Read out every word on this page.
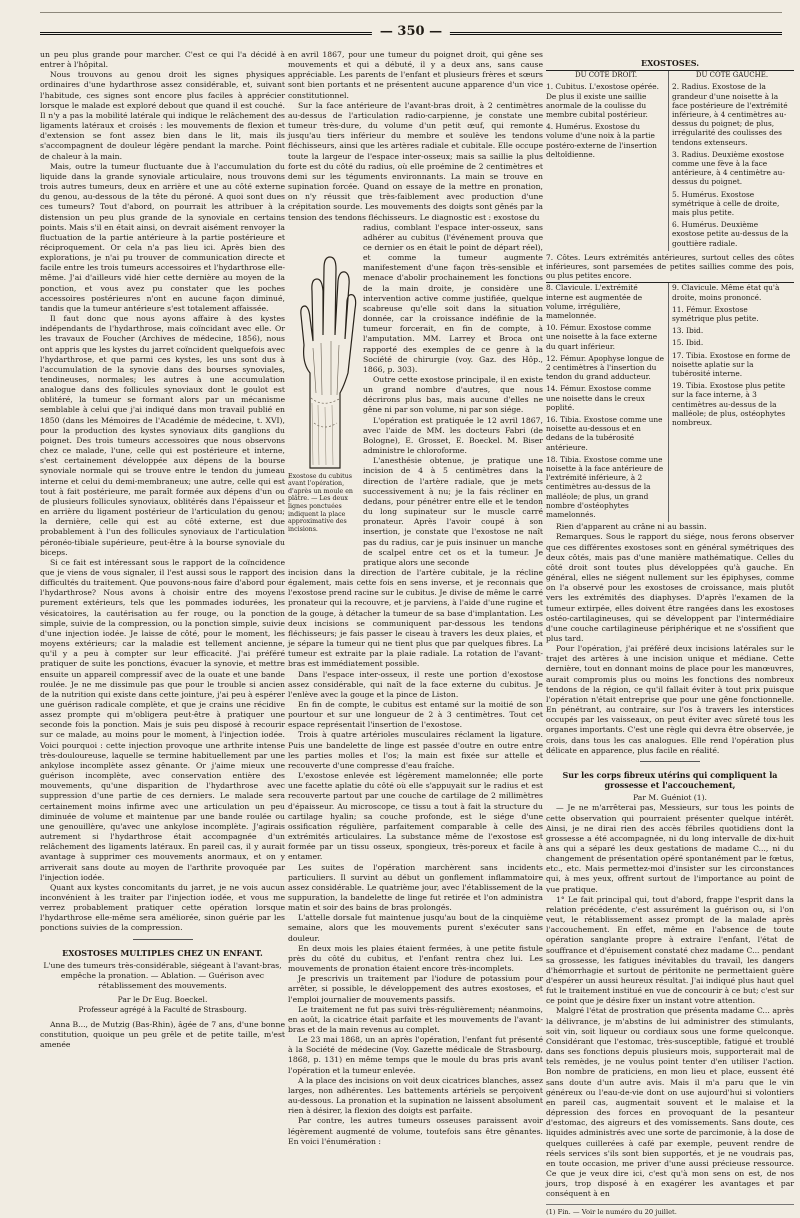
— 350 —

un peu plus grande pour marcher. C'est ce qui l'a décidé à entrer à l'hôpital.

Nous trouvons au genou droit les signes physiques ordinaires d'une hydarthrose assez considérable, et, suivant l'habitude, ces signes sont encore plus faciles à apprécier lorsque le malade est exploré debout que quand il est couché. Il n'y a pas la mobilité latérale qui indique le relâchement des ligaments latéraux et croisés : les mouvements de flexion et d'extension se font assez bien dans le lit, mais ils s'accompagnent de douleur légère pendant la marche. Point de chaleur à la main.

Mais, outre la tumeur fluctuante due à l'accumulation du liquide dans la grande synoviale articulaire, nous trouvons trois autres tumeurs, deux en arrière et une au côté externe du genou, au-dessous de la tête du péroné. A quoi sont dues ces tumeurs? Tout d'abord, on pourrait les attribuer à la distension un peu plus grande de la synoviale en certains points. Mais s'il en était ainsi, on devrait aisément renvoyer la fluctuation de la partie antérieure à la partie postérieure et réciproquement. Or cela n'a pas lieu ici. Après bien des explorations, je n'ai pu trouver de communication directe et facile entre les trois tumeurs accessoires et l'hydarthrose elle-même. J'ai d'ailleurs vidé hier cette dernière au moyen de la ponction, et vous avez pu constater que les poches accessoires postérieures n'ont en aucune façon diminué, tandis que la tumeur antérieure s'est totalement affaissée.

Il faut donc que nous ayons affaire à des kystes indépendants de l'hydarthrose, mais coïncidant avec elle. Or les travaux de Foucher (Archives de médecine, 1856), nous ont appris que les kystes du jarret coïncident quelquefois avec l'hydarthrose, et que parmi ces kystes, les uns sont dus à l'accumulation de la synovie dans des bourses synoviales, tendineuses, normales; les autres à une accumulation analogue dans des follicules synoviaux dont le goulot est oblitéré, la tumeur se formant alors par un mécanisme semblable à celui que j'ai indiqué dans mon travail publié en 1850 (dans les Mémoires de l'Académie de médecine, t. XVI), pour la production des kystes synoviaux dits ganglions du poignet. Des trois tumeurs accessoires que nous observons chez ce malade, l'une, celle qui est postérieure et interne, s'est certainement développée aux dépens de la bourse synoviale normale qui se trouve entre le tendon du jumeau interne et celui du demi-membraneux; une autre, celle qui est tout à fait postérieure, me paraît formée aux dépens d'un ou de plusieurs follicules synoviaux, oblitérés dans l'épaisseur et en arrière du ligament postérieur de l'articulation du genou; la dernière, celle qui est au côté externe, est due probablement à l'un des follicules synoviaux de l'articulation péronéo-tibiale supérieure, peut-être à la bourse synoviale du biceps.

Si ce fait est intéressant sous le rapport de la coïncidence que je viens de vous signaler, il l'est aussi sous le rapport des difficultés du traitement. Que pouvons-nous faire d'abord pour l'hydarthrose? Nous avons à choisir entre des moyens purement extérieurs, tels que les pommades iodurées, les vésicatoires, la cautérisation au fer rouge, ou la ponction simple, suivie de la compression, ou la ponction simple, suivie d'une injection iodée. Je laisse de côté, pour le moment, les moyens extérieurs; car la maladie est tellement ancienne, qu'il y a peu à compter sur leur efficacité. J'ai préféré pratiquer de suite les ponctions, évacuer la synovie, et mettre ensuite un appareil compressif avec de la ouate et une bande roulée. Je ne me dissimule pas que pour le trouble si ancien de la nutrition qui existe dans cette jointure, j'ai peu à espérer une guérison radicale complète, et que je crains une récidive assez prompte qui m'obligera peut-être à pratiquer une seconde fois la ponction. Mais je suis peu disposé à recourir sur ce malade, au moins pour le moment, à l'injection iodée. Voici pourquoi : cette injection provoque une arthrite intense très-douloureuse, laquelle se termine habituellement par une ankylose incomplète assez gênante. Or j'aime mieux une guérison incomplète, avec conservation entière des mouvements, qu'une disparition de l'hydarthrose avec suppression d'une partie de ces derniers. Le malade sera certainement moins infirme avec une articulation un peu diminuée de volume et maintenue par une bande roulée ou une genouillère, qu'avec une ankylose incomplète. J'agirais autrement si l'hydarthrose était accompagnée d'un relâchement des ligaments latéraux. En pareil cas, il y aurait avantage à supprimer ces mouvements anormaux, et on y arriverait sans doute au moyen de l'arthrite provoquée par l'injection iodée.

Quant aux kystes concomitants du jarret, je ne vois aucun inconvénient à les traiter par l'injection iodée, et vous me verrez probablement pratiquer cette opération lorsque l'hydarthrose elle-même sera améliorée, sinon guérie par les ponctions suivies de la compression.

EXOSTOSES MULTIPLES CHEZ UN ENFANT.
L'une des tumeurs très-considérable, siégeant à l'avant-bras, empêche la pronation. — Ablation. — Guérison avec rétablissement des mouvements.
Par le Dr Eug. Boeckel.
Professeur agrégé à la Faculté de Strasbourg.

Anna B..., de Mutzig (Bas-Rhin), âgée de 7 ans, d'une bonne constitution, quoique un peu grêle et de petite taille, m'est amenée

en avril 1867, pour une tumeur du poignet droit, qui gêne ses mouvements et qui a débuté, il y a deux ans, sans cause appréciable. Les parents de l'enfant et plusieurs frères et sœurs sont bien portants et ne présentent aucune apparence d'un vice constitutionnel.

Sur la face antérieure de l'avant-bras droit, à 2 centimètres au-dessus de l'articulation radio-carpienne, je constate une tumeur très-dure, du volume d'un petit œuf, qui remonte jusqu'au tiers inférieur du membre et soulève les tendons fléchisseurs, ainsi que les artères radiale et cubitale. Elle occupe toute la largeur de l'espace inter-osseux; mais sa saillie la plus forte est du côté du radius, où elle proémine de 2 centimètres et demi sur les téguments environnants. La main se trouve en supination forcée. Quand on essaye de la mettre en pronation, on n'y réussit que très-faiblement avec production d'une crépitation sourde. Les mouvements des doigts sont gênés par la tension des tendons fléchisseurs. Le diagnostic est : exostose du

Exostose du cubitus avant l'opération, d'après un moule en plâtre. — Les deux lignes ponctuées indiquent la place approximative des incisions.

radius, comblant l'espace inter-osseux, sans adhérer au cubitus (l'événement prouva que ce dernier os en était le point de départ réel), et comme la tumeur augmente manifestement d'une façon très-sensible et menace d'abolir prochainement les fonctions de la main droite, je considère une intervention active comme justifiée, quelque scabreuse qu'elle soit dans la situation donnée, car la croissance indéfinie de la tumeur forcerait, en fin de compte, à l'amputation. MM. Larrey et Broca ont rapporté des exemples de ce genre à la Société de chirurgie (voy. Gaz. des Hôp., 1866, p. 303).

Outre cette exostose principale, il en existe un grand nombre d'autres, que nous décrirons plus bas, mais aucune d'elles ne gêne ni par son volume, ni par son siége.

L'opération est pratiquée le 12 avril 1867, avec l'aide de MM. les docteurs Fabri (de Bologne), E. Grosset, E. Boeckel. M. Biser administre le chloroforme.

L'anesthésie obtenue, je pratique une incision de 4 à 5 centimètres dans la direction de l'artère radiale, que je mets successivement à nu; je la fais récliner en dedans, pour pénétrer entre elle et le tendon du long supinateur sur le muscle carré pronateur. Après l'avoir coupé à son insertion, je constate que l'exostose ne naît pas du radius, car je puis insinuer un manche de scalpel entre cet os et la tumeur. Je pratique alors une seconde

incision dans la direction de l'artère cubitale, je la récline également, mais cette fois en sens inverse, et je reconnais que l'exostose prend racine sur le cubitus. Je divise de même le carré pronateur qui la recouvre, et je parviens, à l'aide d'une rugine et de la gouge, à détacher la tumeur de sa base d'implantation. Les deux incisions se communiquent par-dessous les tendons fléchisseurs; je fais passer le ciseau à travers les deux plaies, et je sépare la tumeur qui ne tient plus que par quelques fibres. La tumeur est extraite par la plaie radiale. La rotation de l'avant-bras est immédiatement possible.

Dans l'espace inter-osseux, il reste une portion d'exostose assez considérable, qui naît de la face externe du cubitus. Je l'enlève avec la gouge et la pince de Liston.

En fin de compte, le cubitus est entamé sur la moitié de son pourtour et sur une longueur de 2 à 3 centimètres. Tout cet espace représentait l'insertion de l'exostose.

Trois à quatre artérioles musculaires réclament la ligature. Puis une bandelette de linge est passée d'outre en outre entre les parties molles et l'os; la main est fixée sur attelle et recouverte d'une compresse d'eau fraîche.

L'exostose enlevée est légèrement mamelonnée; elle porte une facette aplatie du côté où elle s'appuyait sur le radius et est recouverte partout par une couche de cartilage de 2 millimètres d'épaisseur. Au microscope, ce tissu a tout à fait la structure du cartilage hyalin; sa couche profonde, est le siége d'une ossification régulière, parfaitement comparable à celle des extrémités articulaires. La substance même de l'exostose est formée par un tissu osseux, spongieux, très-poreux et facile à entamer.

Les suites de l'opération marchèrent sans incidents particuliers. Il survint au début un gonflement inflammatoire assez considérable. Le quatrième jour, avec l'établissement de la suppuration, la bandelette de linge fut retirée et l'on administra matin et soir des bains de bras prolongés.

L'attelle dorsale fut maintenue jusqu'au bout de la cinquième semaine, alors que les mouvements purent s'exécuter sans douleur.

En deux mois les plaies étaient fermées, à une petite fistule près du côté du cubitus, et l'enfant rentra chez lui. Les mouvements de pronation étaient encore très-incomplets.

Je prescrivis un traitement par l'iodure de potassium pour arrêter, si possible, le développement des autres exostoses, et l'emploi journalier de mouvements passifs.

Le traitement ne fut pas suivi très-régulièrement; néanmoins, en août, la cicatrice était parfaite et les mouvements de l'avant-bras et de la main revenus au complet.

Le 23 mai 1868, un an après l'opération, l'enfant fut présenté à la Société de médecine (Voy. Gazette médicale de Strasbourg, 1868, p. 131) en même temps que le moule du bras pris avant l'opération et la tumeur enlevée.

A la place des incisions on voit deux cicatrices blanches, assez larges, non adhérentes. Les battements artériels se perçoivent au-dessous. La pronation et la supination ne laissent absolument rien à désirer, la flexion des doigts est parfaite.

Par contre, les autres tumeurs osseuses paraissent avoir légèrement augmenté de volume, toutefois sans être gênantes. En voici l'énumération :

EXOSTOSES.
DU CÔTÉ DROIT.

1. Cubitus. L'exostose opérée. De plus il existe une saillie anormale de la coulisse du membre cubital postérieur.

4. Humérus. Exostose du volume d'une noix à la partie postéro-externe de l'insertion deltoïdienne.

DU CÔTÉ GAUCHE.

2. Radius. Exostose de la grandeur d'une noisette à la face postérieure de l'extrémité inférieure, à 4 centimètres au-dessus du poignet; de plus, irrégularité des coulisses des tendons extenseurs.

3. Radius. Deuxième exostose comme une fève à la face antérieure, à 4 centimètre au-dessus du poignet.

5. Humérus. Exostose symétrique à celle de droite, mais plus petite.

6. Humérus. Deuxième exostose petite au-dessus de la gouttière radiale.

7. Côtes. Leurs extrémités antérieures, surtout celles des côtes inférieures, sont parsemées de petites saillies comme des pois, ou plus petites encore.

8. Clavicule. L'extrémité interne est augmentée de volume, irrégulière, mamelonnée.

10. Fémur. Exostose comme une noisette à la face externe du quart inférieur.

12. Fémur. Apophyse longue de 2 centimètres à l'insertion du tendon du grand adducteur.

14. Fémur. Exostose comme une noisette dans le creux poplité.

16. Tibia. Exostose comme une noisette au-dessous et en dedans de la tubérosité antérieure.

18. Tibia. Exostose comme une noisette à la face antérieure de l'extrémité inférieure, à 2 centimètres au-dessus de la malléole; de plus, un grand nombre d'ostéophytes mamelonnés.

9. Clavicule. Même état qu'à droite, moins prononcé.

11. Fémur. Exostose symétrique plus petite.

13. Ibid.

15. Ibid.

17. Tibia. Exostose en forme de noisette aplatie sur la tubérosité interne.

19. Tibia. Exostose plus petite sur la face interne, à 3 centimètres au-dessus de la malléole; de plus, ostéophytes nombreux.

Rien d'apparent au crâne ni au bassin.

Remarques. Sous le rapport du siége, nous ferons observer que ces différentes exostoses sont en général symétriques des deux côtés, mais pas d'une manière mathématique. Celles du côté droit sont toutes plus développées qu'à gauche. En général, elles ne siégent nullement sur les épiphyses, comme on l'a observé pour les exostoses de croissance, mais plutôt vers les extrémités des diaphyses. D'après l'examen de la tumeur extirpée, elles doivent être rangées dans les exostoses ostéo-cartilagineuses, qui se développent par l'intermédiaire d'une couche cartilagineuse périphérique et ne s'ossifient que plus tard.

Pour l'opération, j'ai préféré deux incisions latérales sur le trajet des artères à une incision unique et médiane. Cette dernière, tout en donnant moins de place pour les manœuvres, aurait compromis plus ou moins les fonctions des nombreux tendons de la région, ce qu'il fallait éviter à tout prix puisque l'opération n'était entreprise que pour une gêne fonctionnelle. En pénétrant, au contraire, sur l'os à travers les interstices occupés par les vaisseaux, on peut éviter avec sûreté tous les organes importants. C'est une règle qui devra être observée, je crois, dans tous les cas analogues. Elle rend l'opération plus délicate en apparence, plus facile en réalité.

Sur les corps fibreux utérins qui compliquent la grossesse et l'accouchement,
Par M. Guéniot (1).

— Je ne m'arrêterai pas, Messieurs, sur tous les points de cette observation qui pourraient présenter quelque intérêt. Ainsi, je ne dirai rien des accès fébriles quotidiens dont la grossesse a été accompagnée, ni du long intervalle de dix-huit ans qui a séparé les deux gestations de madame C..., ni du changement de présentation opéré spontanément par le fœtus, etc., etc. Mais permettez-moi d'insister sur les circonstances qui, à mes yeux, offrent surtout de l'importance au point de vue pratique.

1° Le fait principal qui, tout d'abord, frappe l'esprit dans la relation précédente, c'est assurément la guérison ou, si l'on veut, le rétablissement assez prompt de la malade après l'accouchement. En effet, même en l'absence de toute opération sanglante propre à extraire l'enfant, l'état de souffrance et d'épuisement constaté chez madame C... pendant sa grossesse, les fatigues inévitables du travail, les dangers d'hémorrhagie et surtout de péritonite ne permettaient guère d'espérer un aussi heureux résultat. J'ai indiqué plus haut quel fut le traitement institué en vue de concourir à ce but; c'est sur ce point que je désire fixer un instant votre attention.

Malgré l'état de prostration que présenta madame C... après la délivrance, je m'abstins de lui administrer des stimulants, soit vin, soit liqueur ou cordiaux sous une forme quelconque. Considérant que l'estomac, très-susceptible, fatigué et troublé dans ses fonctions depuis plusieurs mois, supporterait mal de tels remèdes, je ne voulus point tenter d'en utiliser l'action. Bon nombre de praticiens, en mon lieu et place, eussent été sans doute d'un autre avis. Mais il m'a paru que le vin généreux ou l'eau-de-vie dont on use aujourd'hui si volontiers en pareil cas, augmentait souvent et le malaise et la dépression des forces en provoquant de la pesanteur d'estomac, des aigreurs et des vomissements. Sans doute, ces liquides administrés avec une sorte de parcimonie, à la dose de quelques cuillerées à café par exemple, peuvent rendre de réels services s'ils sont bien supportés, et je ne voudrais pas, en toute occasion, me priver d'une aussi précieuse ressource. Ce que je veux dire ici, c'est qu'à mon sens on est, de nos jours, trop disposé à en exagérer les avantages et par conséquent à en

(1) Fin. — Voir le numéro du 20 juillet.
